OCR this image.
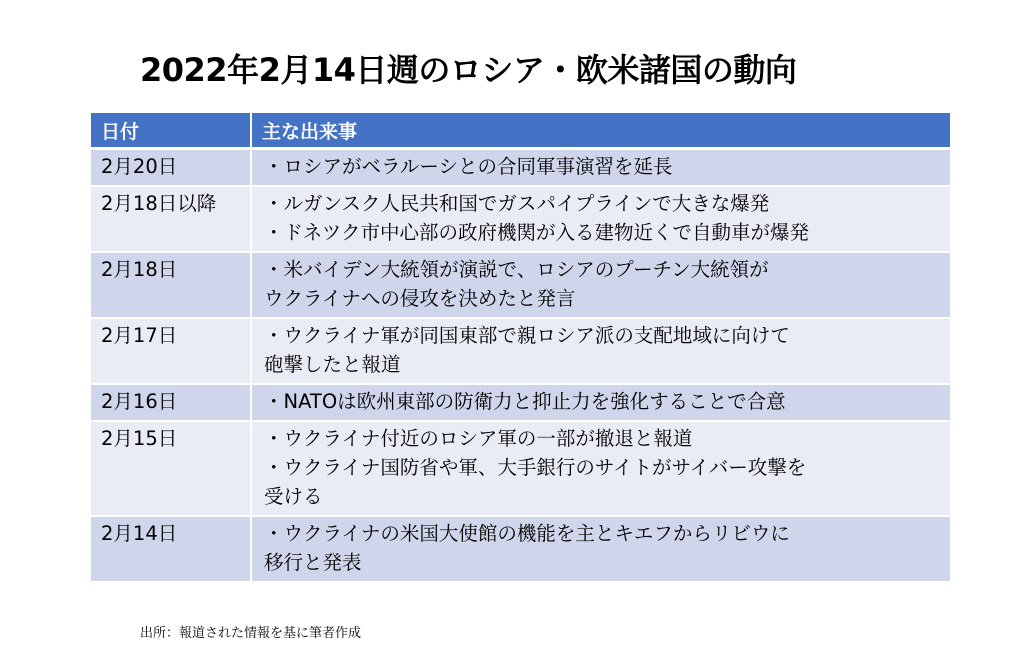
2022年2月14日週のロシア・欧米諸国の動向
日付	主な出来事
2月20日	・ロシアがベラルーシとの合同軍事演習を延長
2月18日以降	・ルガンスク人民共和国でガスパイプラインで大きな爆発
・ドネツク市中心部の政府機関が入る建物近くで自動車が爆発
2月18日	・米バイデン大統領が演説で、ロシアのプーチン大統領が
ウクライナへの侵攻を決めたと発言
2月17日	・ウクライナ軍が同国東部で親ロシア派の支配地域に向けて
砲撃したと報道
2月16日	・NATOは欧州東部の防衛力と抑止力を強化することで合意
2月15日	・ウクライナ付近のロシア軍の一部が撤退と報道
・ウクライナ国防省や軍、大手銀行のサイトがサイバー攻撃を
受ける
2月14日	・ウクライナの米国大使館の機能を主とキエフからリビウに
移行と発表
出所：報道された情報を基に筆者作成
